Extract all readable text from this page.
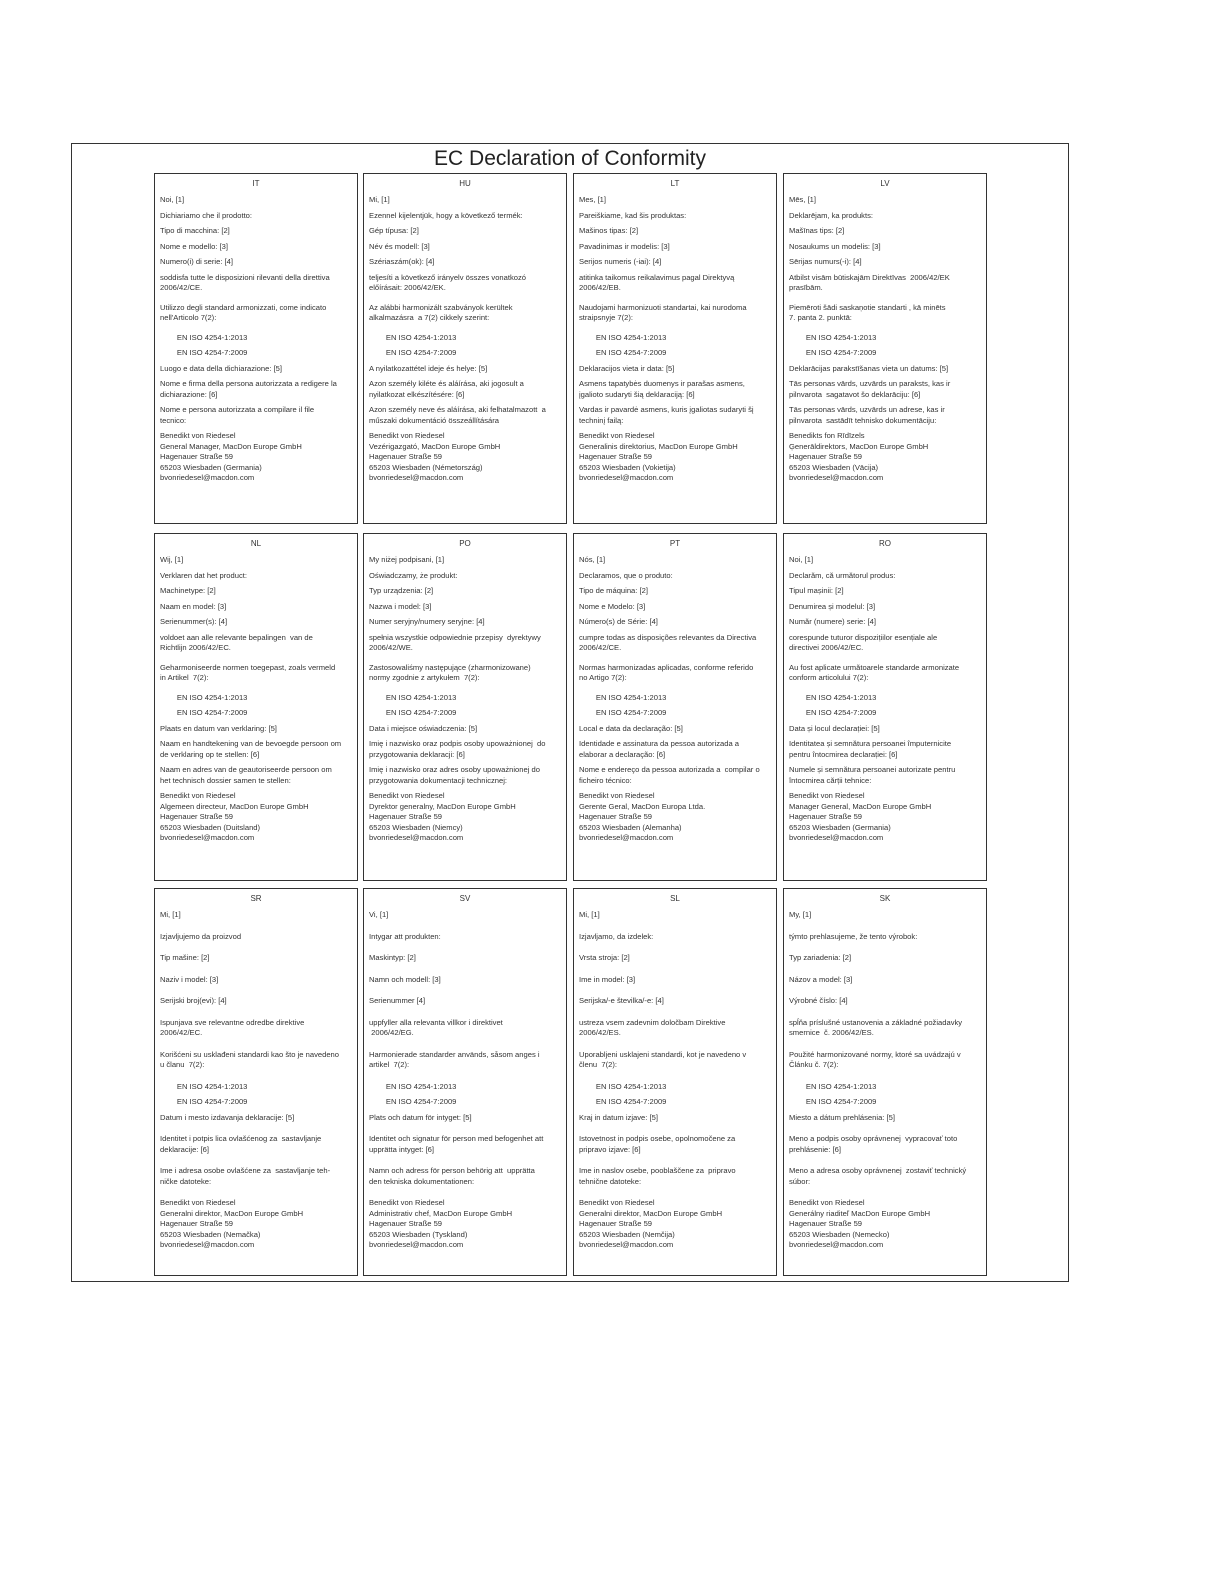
EC Declaration of Conformity
IT
Noi, [1]
Dichiariamo che il prodotto:
Tipo di macchina: [2]
Nome e modello: [3]
Numero(i) di serie: [4]
soddisfa tutte le disposizioni rilevanti della direttiva
2006/42/CE.
Utilizzo degli standard armonizzati, come indicato
nell'Articolo 7(2):
EN ISO 4254-1:2013
EN ISO 4254-7:2009
Luogo e data della dichiarazione: [5]
Nome e firma della persona autorizzata a redigere la
dichiarazione: [6]
Nome e persona autorizzata a compilare il file
tecnico:
Benedikt von Riedesel
General Manager, MacDon Europe GmbH
Hagenauer Straße 59
65203 Wiesbaden (Germania)
bvonriedesel@macdon.com
HU
Mi, [1]
Ezennel kijelentjük, hogy a következő termék:
Gép típusa: [2]
Név és modell: [3]
Szériaszám(ok): [4]
teljesíti a következő irányelv összes vonatkozó
előírásait: 2006/42/EK.
Az alábbi harmonizált szabványok kerültek
alkalmazásra  a 7(2) cikkely szerint:
EN ISO 4254-1:2013
EN ISO 4254-7:2009
A nyilatkozattétel ideje és helye: [5]
Azon személy kiléte és aláírása, aki jogosult a
nyilatkozat elkészítésére: [6]
Azon személy neve és aláírása, aki felhatalmazott  a
műszaki dokumentáció összeállítására
Benedikt von Riedesel
Vezérigazgató, MacDon Europe GmbH
Hagenauer Straße 59
65203 Wiesbaden (Németország)
bvonriedesel@macdon.com
LT
Mes, [1]
Pareiškiame, kad šis produktas:
Mašinos tipas: [2]
Pavadinimas ir modelis: [3]
Serijos numeris (-iai): [4]
atitinka taikomus reikalavimus pagal Direktyvą
2006/42/EB.
Naudojami harmonizuoti standartai, kai nurodoma
straipsnyje 7(2):
EN ISO 4254-1:2013
EN ISO 4254-7:2009
Deklaracijos vieta ir data: [5]
Asmens tapatybės duomenys ir parašas asmens,
įgalioto sudaryti šią deklaraciją: [6]
Vardas ir pavardė asmens, kuris įgaliotas sudaryti šį
techninį failą:
Benedikt von Riedesel
Generalinis direktorius, MacDon Europe GmbH
Hagenauer Straße 59
65203 Wiesbaden (Vokietija)
bvonriedesel@macdon.com
LV
Mēs, [1]
Deklarējam, ka produkts:
Mašīnas tips: [2]
Nosaukums un modelis: [3]
Sērijas numurs(-i): [4]
Atbilst visām būtiskajām Direktīvas  2006/42/EK
prasībām.
Piemēroti šādi saskaņotie standarti , kā minēts
7. panta 2. punktā:
EN ISO 4254-1:2013
EN ISO 4254-7:2009
Deklarācijas parakstīšanas vieta un datums: [5]
Tās personas vārds, uzvārds un paraksts, kas ir
pilnvarota  sagatavot šo deklarāciju: [6]
Tās personas vārds, uzvārds un adrese, kas ir
pilnvarota  sastādīt tehnisko dokumentāciju:
Benedikts fon Rīdīzels
Ģenerāldirektors, MacDon Europe GmbH
Hagenauer Straße 59
65203 Wiesbaden (Vācija)
bvonriedesel@macdon.com
NL
Wij, [1]
Verklaren dat het product:
Machinetype: [2]
Naam en model: [3]
Serienummer(s): [4]
voldoet aan alle relevante bepalingen  van de
Richtlijn 2006/42/EC.
Geharmoniseerde normen toegepast, zoals vermeld
in Artikel  7(2):
EN ISO 4254-1:2013
EN ISO 4254-7:2009
Plaats en datum van verklaring: [5]
Naam en handtekening van de bevoegde persoon om
de verklaring op te stellen: [6]
Naam en adres van de geautoriseerde persoon om
het technisch dossier samen te stellen:
Benedikt von Riedesel
Algemeen directeur, MacDon Europe GmbH
Hagenauer Straße 59
65203 Wiesbaden (Duitsland)
bvonriedesel@macdon.com
PO
My niżej podpisani, [1]
Oświadczamy, że produkt:
Typ urządzenia: [2]
Nazwa i model: [3]
Numer seryjny/numery seryjne: [4]
spełnia wszystkie odpowiednie przepisy  dyrektywy
2006/42/WE.
Zastosowaliśmy następujące (zharmonizowane)
normy zgodnie z artykułem  7(2):
EN ISO 4254-1:2013
EN ISO 4254-7:2009
Data i miejsce oświadczenia: [5]
Imię i nazwisko oraz podpis osoby upoważnionej  do
przygotowania deklaracji: [6]
Imię i nazwisko oraz adres osoby upoważnionej do
przygotowania dokumentacji technicznej:
Benedikt von Riedesel
Dyrektor generalny, MacDon Europe GmbH
Hagenauer Straße 59
65203 Wiesbaden (Niemcy)
bvonriedesel@macdon.com
PT
Nós, [1]
Declaramos, que o produto:
Tipo de máquina: [2]
Nome e Modelo: [3]
Número(s) de Série: [4]
cumpre todas as disposições relevantes da Directiva
2006/42/CE.
Normas harmonizadas aplicadas, conforme referido
no Artigo 7(2):
EN ISO 4254-1:2013
EN ISO 4254-7:2009
Local e data da declaração: [5]
Identidade e assinatura da pessoa autorizada a
elaborar a declaração: [6]
Nome e endereço da pessoa autorizada a  compilar o
ficheiro técnico:
Benedikt von Riedesel
Gerente Geral, MacDon Europa Ltda.
Hagenauer Straße 59
65203 Wiesbaden (Alemanha)
bvonriedesel@macdon.com
RO
Noi, [1]
Declarăm, că următorul produs:
Tipul mașinii: [2]
Denumirea și modelul: [3]
Număr (numere) serie: [4]
corespunde tuturor dispozițiilor esențiale ale
directivei 2006/42/EC.
Au fost aplicate următoarele standarde armonizate
conform articolului 7(2):
EN ISO 4254-1:2013
EN ISO 4254-7:2009
Data și locul declarației: [5]
Identitatea și semnătura persoanei împuternicite
pentru întocmirea declarației: [6]
Numele și semnătura persoanei autorizate pentru
întocmirea cărții tehnice:
Benedikt von Riedesel
Manager General, MacDon Europe GmbH
Hagenauer Straße 59
65203 Wiesbaden (Germania)
bvonriedesel@macdon.com
SR
Mi, [1]
Izjavljujemo da proizvod
Tip mašine: [2]
Naziv i model: [3]
Serijski broj(evi): [4]
Ispunjava sve relevantne odredbe direktive
2006/42/EC.
Korišćeni su usklađeni standardi kao što je navedeno
u članu  7(2):
EN ISO 4254-1:2013
EN ISO 4254-7:2009
Datum i mesto izdavanja deklaracije: [5]
Identitet i potpis lica ovlašćenog za  sastavljanje
deklaracije: [6]
Ime i adresa osobe ovlašćene za  sastavljanje teh-
ničke datoteke:
Benedikt von Riedesel
Generalni direktor, MacDon Europe GmbH
Hagenauer Straße 59
65203 Wiesbaden (Nemačka)
bvonriedesel@macdon.com
SV
Vi, [1]
Intygar att produkten:
Maskintyp: [2]
Namn och modell: [3]
Serienummer [4]
uppfyller alla relevanta villkor i direktivet
2006/42/EG.
Harmonierade standarder används, såsom anges i
artikel  7(2):
EN ISO 4254-1:2013
EN ISO 4254-7:2009
Plats och datum för intyget: [5]
Identitet och signatur för person med befogenhet att
upprätta intyget: [6]
Namn och adress för person behörig att  upprätta
den tekniska dokumentationen:
Benedikt von Riedesel
Administrativ chef, MacDon Europe GmbH
Hagenauer Straße 59
65203 Wiesbaden (Tyskland)
bvonriedesel@macdon.com
SL
Mi, [1]
Izjavljamo, da izdelek:
Vrsta stroja: [2]
Ime in model: [3]
Serijska/-e številka/-e: [4]
ustreza vsem zadevnim določbam Direktive
2006/42/ES.
Uporabljeni usklajeni standardi, kot je navedeno v
členu  7(2):
EN ISO 4254-1:2013
EN ISO 4254-7:2009
Kraj in datum izjave: [5]
Istovetnost in podpis osebe, opolnomočene za
pripravo izjave: [6]
Ime in naslov osebe, pooblaščene za  pripravo
tehnične datoteke:
Benedikt von Riedesel
Generalni direktor, MacDon Europe GmbH
Hagenauer Straße 59
65203 Wiesbaden (Nemčija)
bvonriedesel@macdon.com
SK
My, [1]
týmto prehlasujeme, že tento výrobok:
Typ zariadenia: [2]
Názov a model: [3]
Výrobné číslo: [4]
spĺňa príslušné ustanovenia a základné požiadavky
smernice  č. 2006/42/ES.
Použité harmonizované normy, ktoré sa uvádzajú v
Článku č. 7(2):
EN ISO 4254-1:2013
EN ISO 4254-7:2009
Miesto a dátum prehlásenia: [5]
Meno a podpis osoby oprávnenej  vypracovať toto
prehlásenie: [6]
Meno a adresa osoby oprávnenej  zostaviť technický
súbor:
Benedikt von Riedesel
Generálny riaditeľ MacDon Europe GmbH
Hagenauer Straße 59
65203 Wiesbaden (Nemecko)
bvonriedesel@macdon.com
